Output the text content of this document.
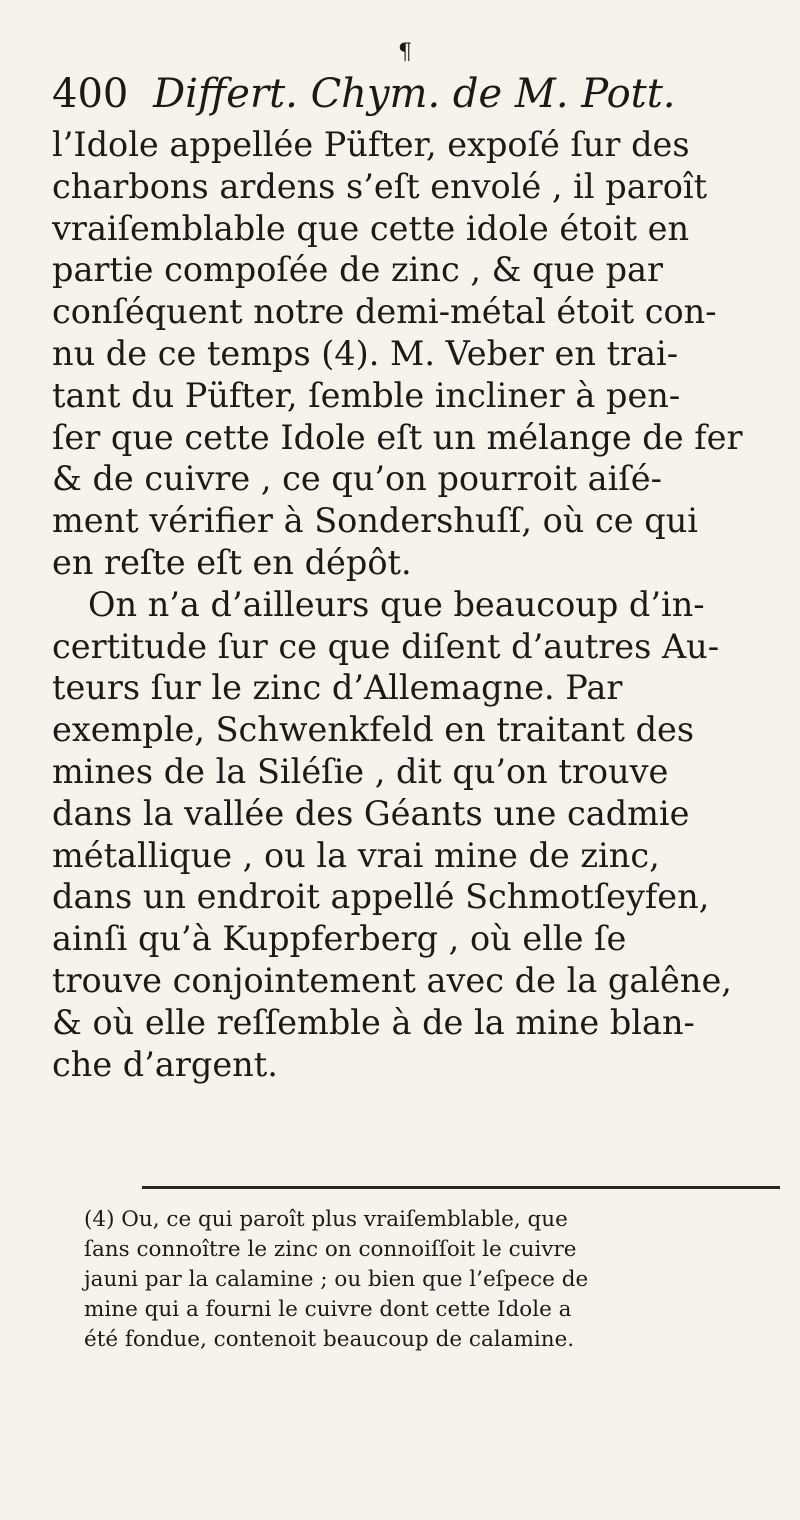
¶
400 Differt. Chym. de M. Pott.
l’Idole appellée Püfter, expoſé ſur des
charbons ardens s’eſt envolé , il paroît
vraiſemblable que cette idole étoit en
partie compoſée de zinc , & que par
conſéquent notre demi-métal étoit con-
nu de ce temps (4). M. Veber en trai-
tant du Püfter, ſemble incliner à pen-
ſer que cette Idole eſt un mélange de fer
& de cuivre , ce qu’on pourroit aiſé-
ment vérifier à Sondershuſſ, où ce qui
en reſte eſt en dépôt.
On n’a d’ailleurs que beaucoup d’in-
certitude ſur ce que diſent d’autres Au-
teurs ſur le zinc d’Allemagne. Par
exemple, Schwenkfeld en traitant des
mines de la Siléſie , dit qu’on trouve
dans la vallée des Géants une cadmie
métallique , ou la vrai mine de zinc,
dans un endroit appellé Schmotſeyfen,
ainſi qu’à Kuppferberg , où elle ſe
trouve conjointement avec de la galêne,
& où elle reſſemble à de la mine blan-
che d’argent.
(4) Ou, ce qui paroît plus vraiſemblable, que
ſans connoître le zinc on connoiſſoit le cuivre
jauni par la calamine ; ou bien que l’eſpece de
mine qui a fourni le cuivre dont cette Idole a
été fondue, contenoit beaucoup de calamine.
